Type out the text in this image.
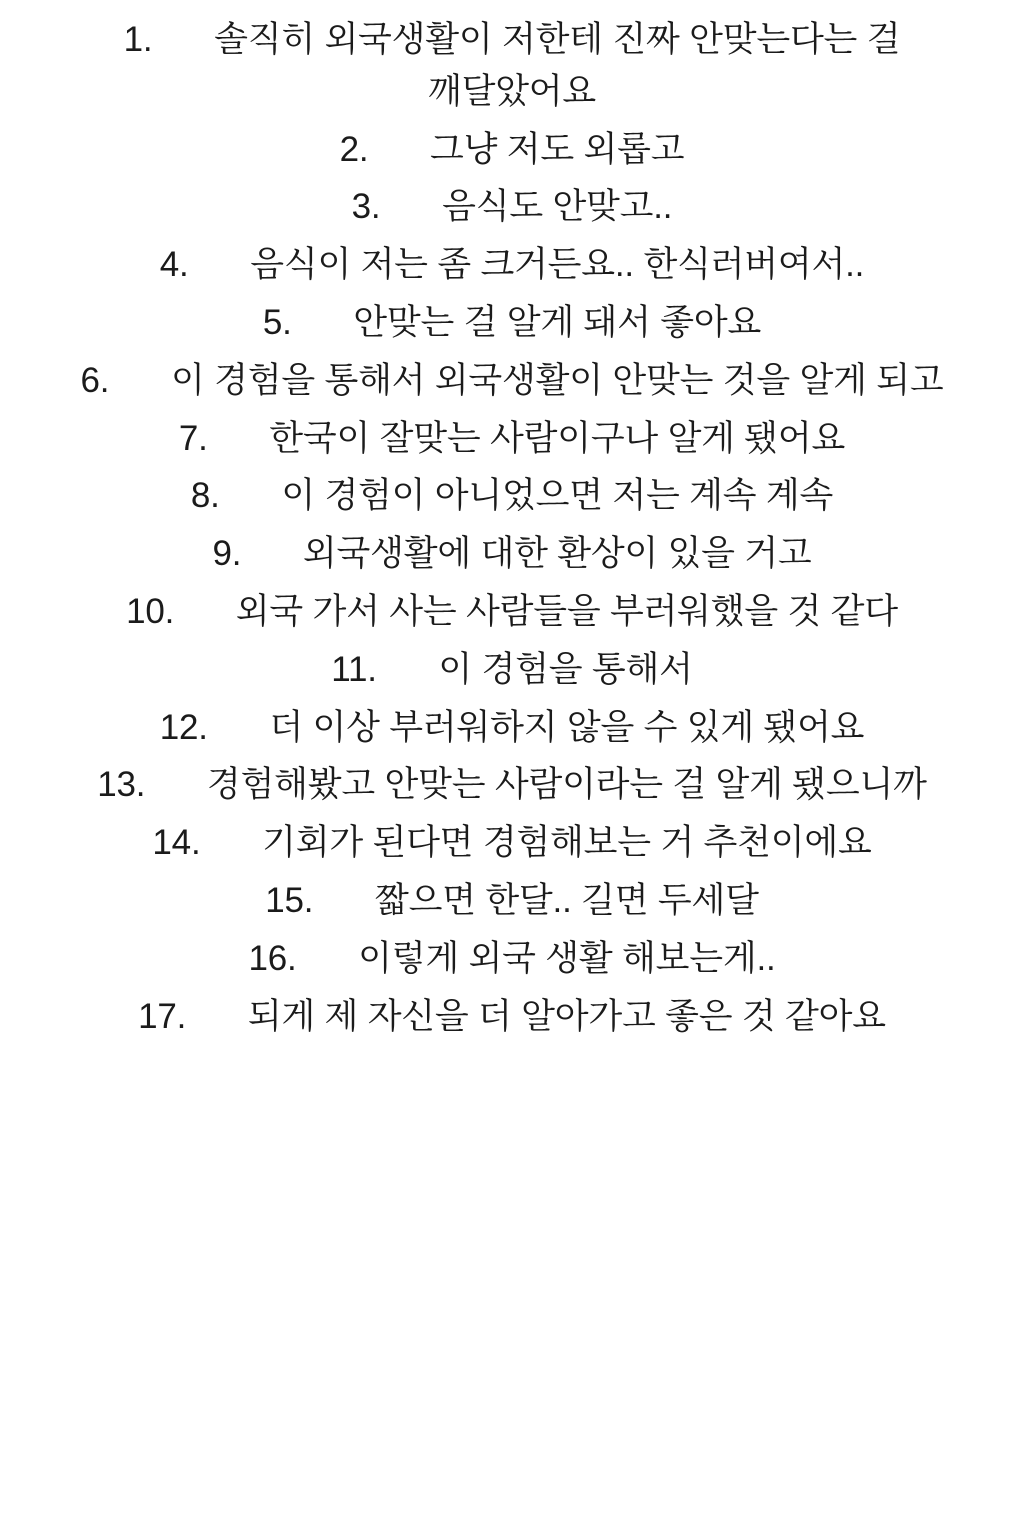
1.   솔직히 외국생활이 저한테 진짜 안맞는다는 걸 깨달았어요
2.   그냥 저도 외롭고
3.   음식도 안맞고..
4.   음식이 저는 좀 크거든요.. 한식러버여서..
5.   안맞는 걸 알게 돼서 좋아요
6.   이 경험을 통해서 외국생활이 안맞는 것을 알게 되고
7.   한국이 잘맞는 사람이구나 알게 됐어요
8.   이 경험이 아니었으면 저는 계속 계속
9.   외국생활에 대한 환상이 있을 거고
10.   외국 가서 사는 사람들을 부러워했을 것 같다
11.   이 경험을 통해서
12.   더 이상 부러워하지 않을 수 있게 됐어요
13.   경험해봤고 안맞는 사람이라는 걸 알게 됐으니까
14.   기회가 된다면 경험해보는 거 추천이에요
15.   짧으면 한달.. 길면 두세달
16.   이렇게 외국 생활 해보는게..
17.   되게 제 자신을 더 알아가고 좋은 것 같아요
